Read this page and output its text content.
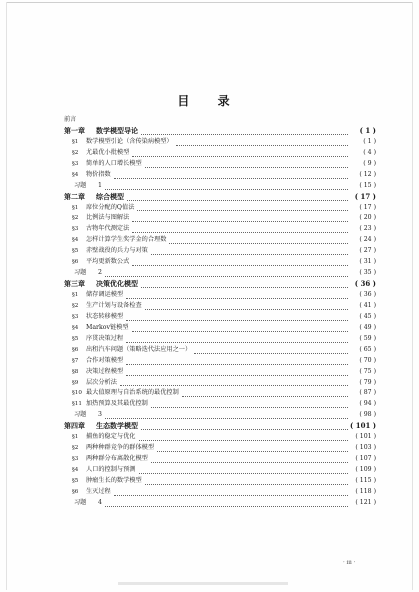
目 录
前言
第一章 数学模型导论	( 1 )
§1 数学模型引论（含传染病模型）	( 1 )
§2 尤最优小批模型	( 4 )
§3 简单的人口增长模型	( 9 )
§4 物价指数	( 12 )
习题 1	( 15 )
第二章 综合模型	( 17 )
§1 席位分配的Q值法	( 17 )
§2 比例法与图解法	( 20 )
§3 古物年代测定法	( 23 )
§4 怎样计算学生奖学金的合理数	( 24 )
§5 赤壁战役的兵力与对策	( 27 )
§6 平均更新数公式	( 31 )
习题 2	( 35 )
第三章 决策优化模型	( 36 )
§1 储存调运模型	( 36 )
§2 生产计划与设备检查	( 41 )
§3 状态转移模型	( 45 )
§4 Markov链模型	( 49 )
§5 序贯决策过程	( 59 )
§6 出租汽车问题（策略迭代法应用之一）	( 65 )
§7 合作对策模型	( 70 )
§8 决策过程模型	( 75 )
§9 层次分析法	( 79 )
§10 最大值原理与自治系统的最优控制	( 87 )
§11 加热预算及其最优控制	( 94 )
习题 3	( 98 )
第四章 生态数学模型	( 101 )
§1 捕鱼的稳定与优化	( 101 )
§2 两种种群竞争的群体模型	( 103 )
§3 两种群分布离散化模型	( 107 )
§4 人口的控制与预测	( 109 )
§5 肿瘤生长的数学模型	( 115 )
§6 生灭过程	( 118 )
习题 4	( 121 )
· iii ·
